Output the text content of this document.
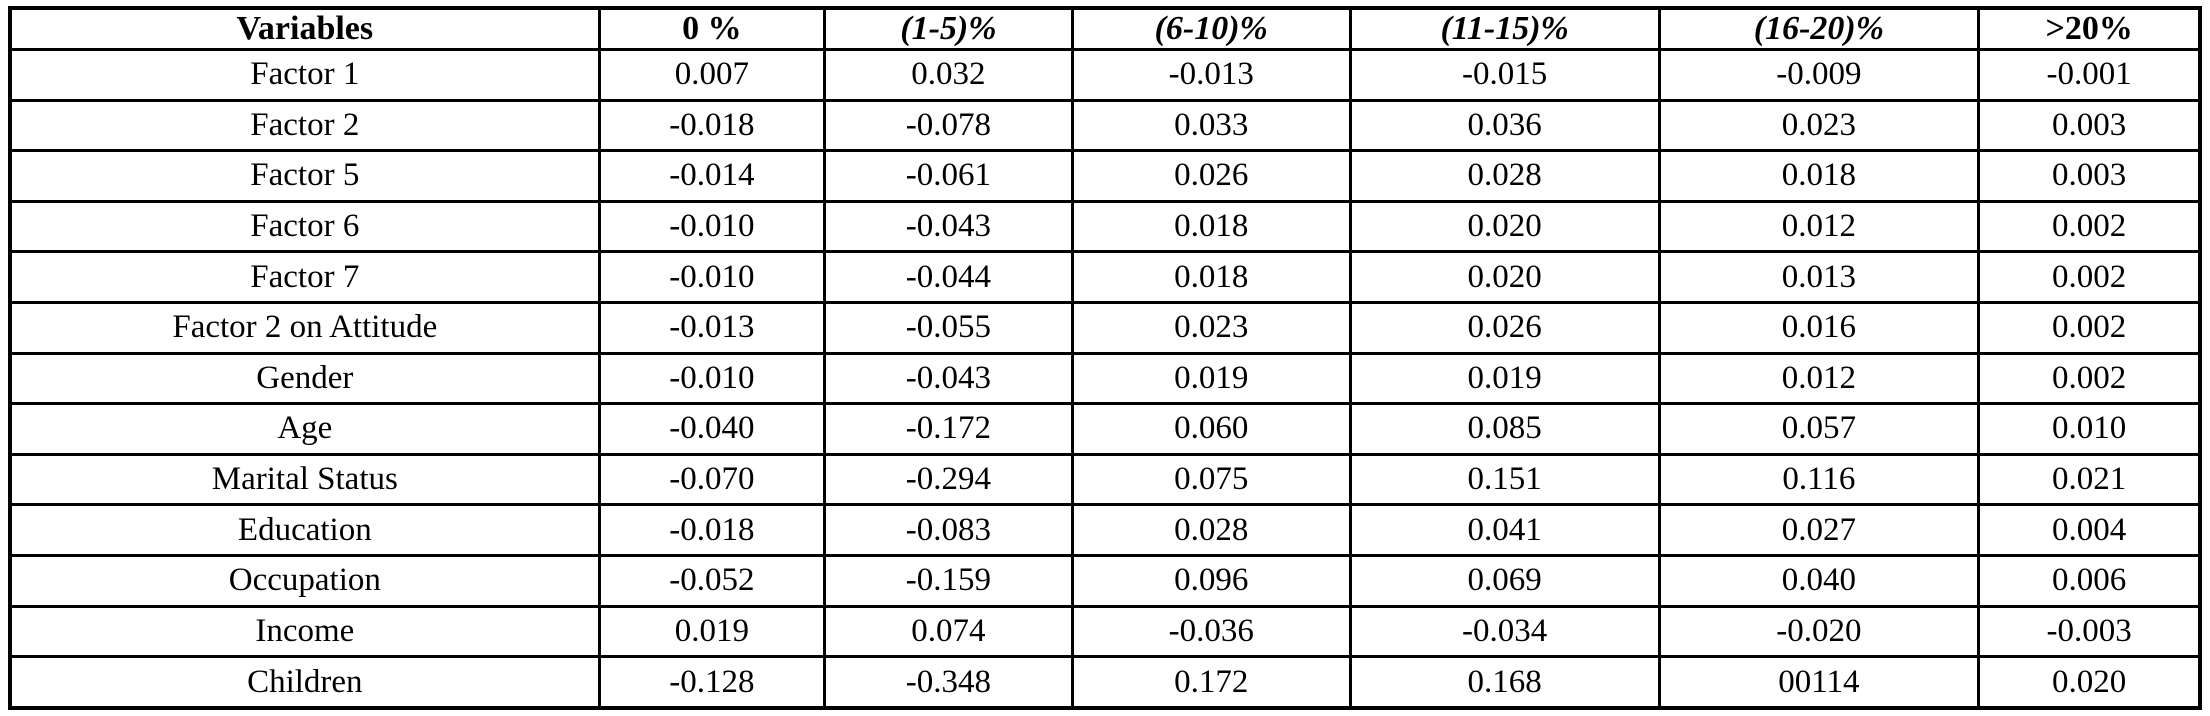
Variables	0 %	(1-5)%	(6-10)%	(11-15)%	(16-20)%	>20%
Factor 1	0.007	0.032	-0.013	-0.015	-0.009	-0.001
Factor 2	-0.018	-0.078	0.033	0.036	0.023	0.003
Factor 5	-0.014	-0.061	0.026	0.028	0.018	0.003
Factor 6	-0.010	-0.043	0.018	0.020	0.012	0.002
Factor 7	-0.010	-0.044	0.018	0.020	0.013	0.002
Factor 2 on Attitude	-0.013	-0.055	0.023	0.026	0.016	0.002
Gender	-0.010	-0.043	0.019	0.019	0.012	0.002
Age	-0.040	-0.172	0.060	0.085	0.057	0.010
Marital Status	-0.070	-0.294	0.075	0.151	0.116	0.021
Education	-0.018	-0.083	0.028	0.041	0.027	0.004
Occupation	-0.052	-0.159	0.096	0.069	0.040	0.006
Income	0.019	0.074	-0.036	-0.034	-0.020	-0.003
Children	-0.128	-0.348	0.172	0.168	00114	0.020
